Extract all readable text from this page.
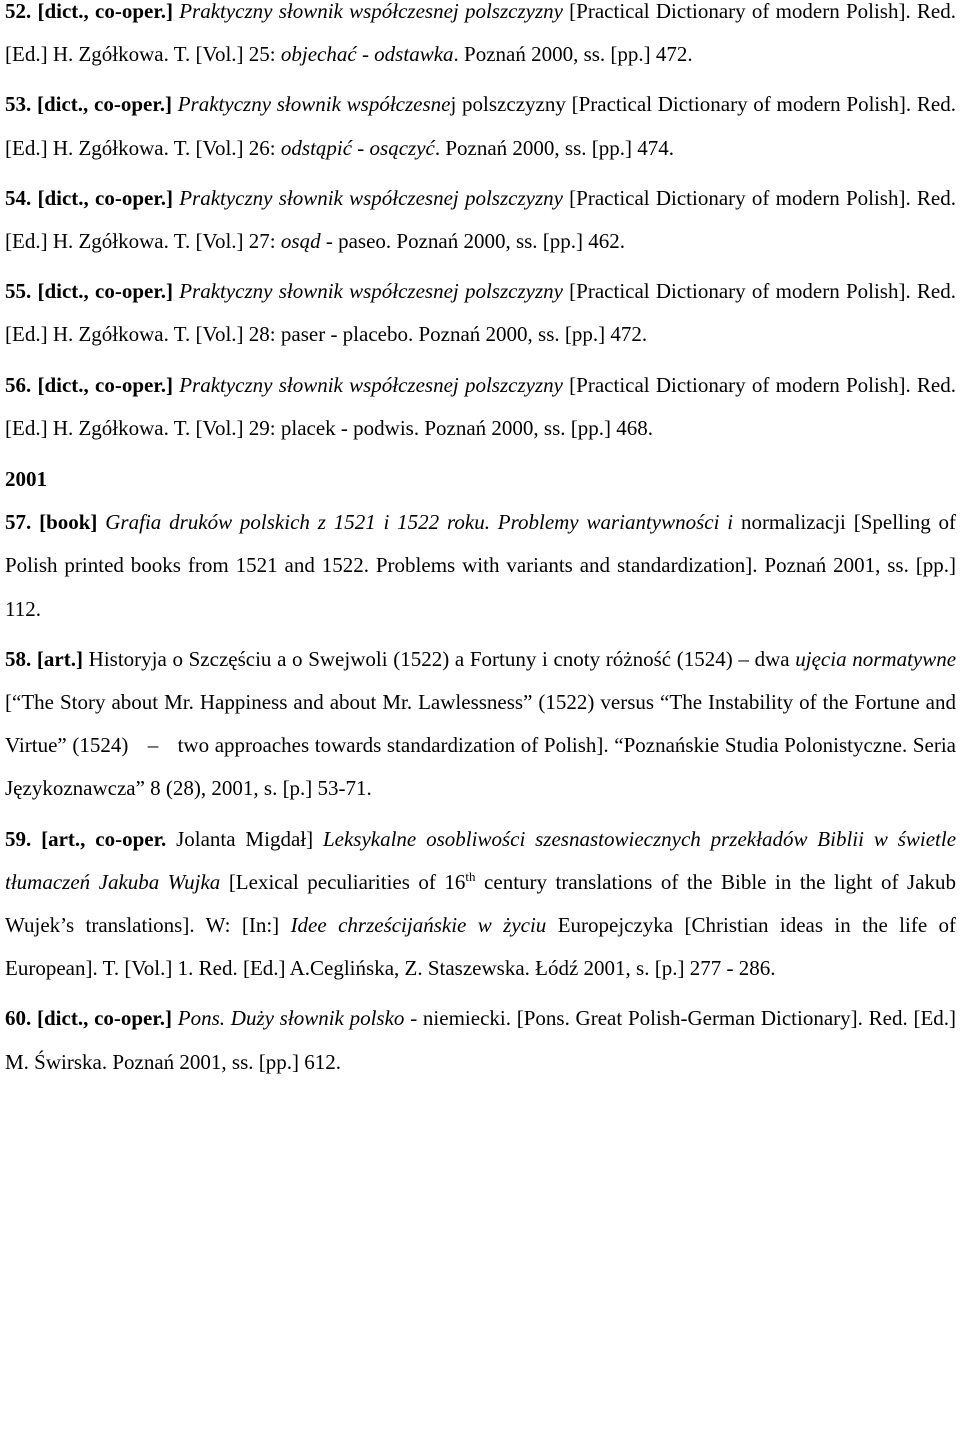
52. [dict., co-oper.] Praktyczny słownik współczesnej polszczyzny [Practical Dictionary of modern Polish]. Red. [Ed.] H. Zgółkowa. T. [Vol.] 25: objechać - odstawka. Poznań 2000, ss. [pp.] 472.

53. [dict., co-oper.] Praktyczny słownik współczesnej polszczyzny [Practical Dictionary of modern Polish]. Red. [Ed.] H. Zgółkowa. T. [Vol.] 26: odstąpić - osączyć. Poznań 2000, ss. [pp.] 474.

54. [dict., co-oper.] Praktyczny słownik współczesnej polszczyzny [Practical Dictionary of modern Polish]. Red. [Ed.] H. Zgółkowa. T. [Vol.] 27: osąd - paseo. Poznań 2000, ss. [pp.] 462.

55. [dict., co-oper.] Praktyczny słownik współczesnej polszczyzny [Practical Dictionary of modern Polish]. Red. [Ed.] H. Zgółkowa. T. [Vol.] 28: paser - placebo. Poznań 2000, ss. [pp.] 472.

56. [dict., co-oper.] Praktyczny słownik współczesnej polszczyzny [Practical Dictionary of modern Polish]. Red. [Ed.] H. Zgółkowa. T. [Vol.] 29: placek - podwis. Poznań 2000, ss. [pp.] 468.

2001

57. [book] Grafia druków polskich z 1521 i 1522 roku. Problemy wariantywności i normalizacji [Spelling of Polish printed books from 1521 and 1522. Problems with variants and standardization]. Poznań 2001, ss. [pp.] 112.

58. [art.] Historyja o Szczęściu a o Swejwoli (1522) a Fortuny i cnoty różność (1524) – dwa ujęcia normatywne [“The Story about Mr. Happiness and about Mr. Lawlessness” (1522) versus “The Instability of the Fortune and Virtue” (1524) – two approaches towards standardization of Polish]. “Poznańskie Studia Polonistyczne. Seria Językoznawcza” 8 (28), 2001, s. [p.] 53-71.

59. [art., co-oper. Jolanta Migdał] Leksykalne osobliwości szesnastowiecznych przekładów Biblii w świetle tłumaczeń Jakuba Wujka [Lexical peculiarities of 16th century translations of the Bible in the light of Jakub Wujek’s translations]. W: [In:] Idee chrześcijańskie w życiu Europejczyka [Christian ideas in the life of European]. T. [Vol.] 1. Red. [Ed.] A.Ceglińska, Z. Staszewska. Łódź 2001, s. [p.] 277 - 286.

60. [dict., co-oper.] Pons. Duży słownik polsko - niemiecki. [Pons. Great Polish-German Dictionary]. Red. [Ed.] M. Świrska. Poznań 2001, ss. [pp.] 612.
